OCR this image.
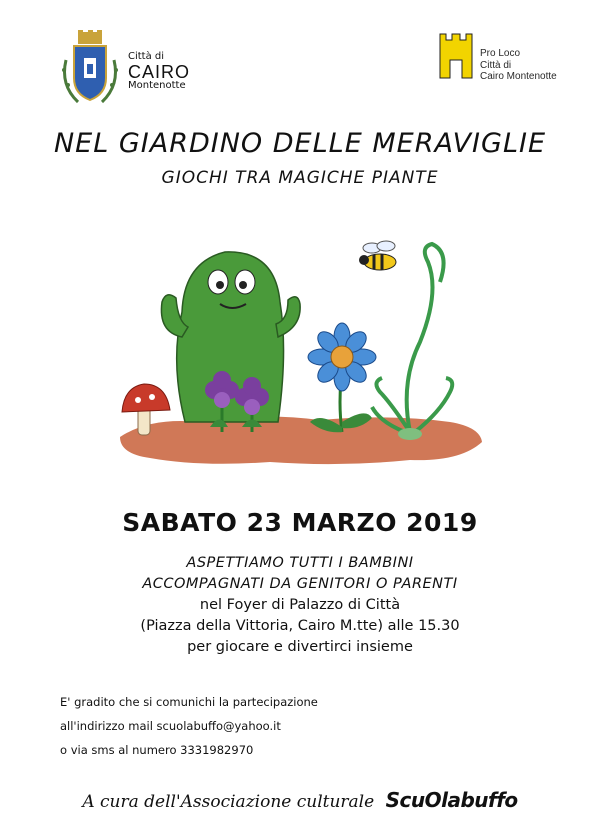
Città di
CAIRO
Montenotte
Pro Loco
Città di
Cairo Montenotte
NEL GIARDINO DELLE MERAVIGLIE
GIOCHI TRA MAGICHE PIANTE
SABATO 23 MARZO 2019
ASPETTIAMO TUTTI I BAMBINI
ACCOMPAGNATI DA GENITORI O PARENTI
nel Foyer di Palazzo di Città
(Piazza della Vittoria, Cairo M.tte) alle 15.30
per giocare e divertirci insieme
E' gradito che si comunichi la partecipazione
all'indirizzo mail scuolabuffo@yahoo.it
o via sms al numero 3331982970
A cura dell'Associazione culturale ScuOlabuffo
